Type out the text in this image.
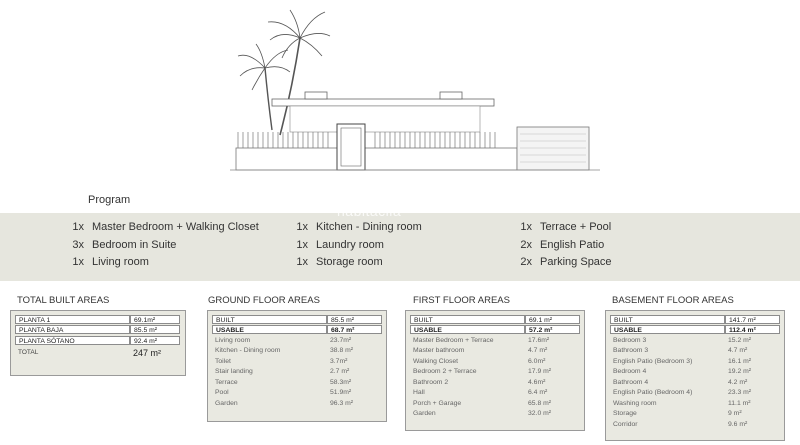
Program
habitaclia
1x Master Bedroom + Walking Closet
3x Bedroom in Suite
1x Living room
1x Kitchen - Dining room
1x Laundry room
1x Storage room
1x Terrace + Pool
2x English Patio
2x Parking Space
TOTAL BUILT AREAS	GROUND FLOOR AREAS	FIRST FLOOR AREAS	BASEMENT FLOOR AREAS
PLANTA 1	69.1m²
PLANTA BAJA	85.5 m²
PLANTA SÓTANO	92.4 m²
TOTAL	247 m²
BUILT	85.5 m²
USABLE	68.7 m²
Living room	23.7m²
Kitchen - Dining room	38.8 m²
Toilet	3.7m²
Stair landing	2.7 m²
Terrace	58.3m²
Pool	51.9m²
Garden	96.3 m²
BUILT	69.1 m²
USABLE	57.2 m²
Master Bedroom + Terrace	17.6m²
Master bathroom	4.7 m²
Walking Closet	6.0m²
Bedroom 2 + Terrace	17.9 m²
Bathroom 2	4.6m²
Hall	6.4 m²
Porch + Garage	65.8 m²
Garden	32.0 m²
BUILT	141.7 m²
USABLE	112.4 m²
Bedroom 3	15.2 m²
Bathroom 3	4.7 m²
English Patio (Bedroom 3)	16.1 m²
Bedroom 4	19.2 m²
Bathroom 4	4.2 m²
English Patio (Bedroom 4)	23.3 m²
Washing room	11.1 m²
Storage	9 m²
Corridor	9.6 m²
